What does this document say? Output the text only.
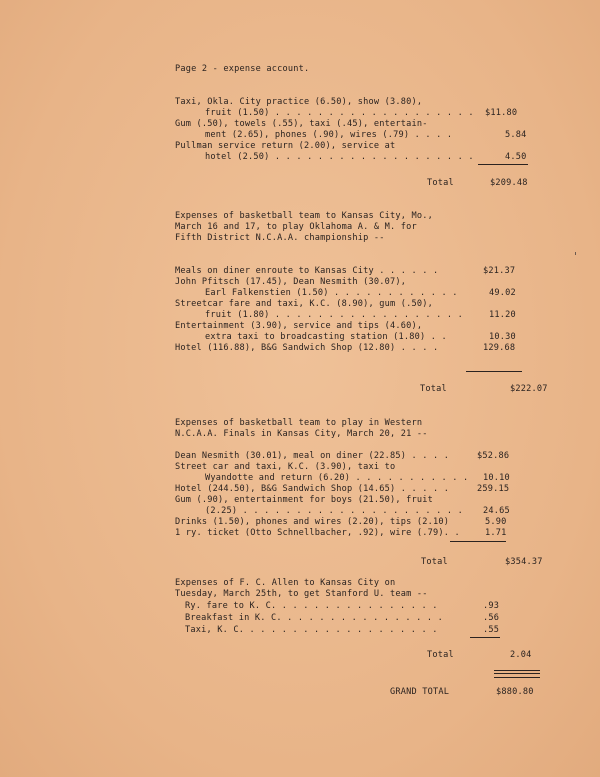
Page 2 - expense account.
Taxi, Okla. City practice (6.50), show (3.80),
fruit (1.50) . . . . . . . . . . . . . . . . . . . $11.80
Gum (.50), towels (.55), taxi (.45), entertain-
ment (2.65), phones (.90), wires (.79) . . . .	5.84
Pullman service return (2.00), service at
hotel (2.50) . . . . . . . . . . . . . . . . . . .	4.50
Total	$209.48
Expenses of basketball team to Kansas City, Mo.,
March 16 and 17, to play Oklahoma A. & M. for
Fifth District N.C.A.A. championship --
Meals on diner enroute to Kansas City . . . . . .	$21.37
John Pfitsch (17.45), Dean Nesmith (30.07),
Earl Falkenstien (1.50) . . . . . . . . . . . .	49.02
Streetcar fare and taxi, K.C. (8.90), gum (.50),
fruit (1.80) . . . . . . . . . . . . . . . . . .	11.20
Entertainment (3.90), service and tips (4.60),
extra taxi to broadcasting station (1.80) . .	10.30
Hotel (116.88), B&G Sandwich Shop (12.80) . . . .	129.68
Total	$222.07
Expenses of basketball team to play in Western
N.C.A.A. Finals in Kansas City, March 20, 21 --
Dean Nesmith (30.01), meal on diner (22.85) . . . .	$52.86
Street car and taxi, K.C. (3.90), taxi to
Wyandotte and return (6.20) . . . . . . . . . . . 10.10
Hotel (244.50), B&G Sandwich Shop (14.65) . . . . .	259.15
Gum (.90), entertainment for boys (21.50), fruit
(2.25) . . . . . . . . . . . . . . . . . . . . . 24.65
Drinks (1.50), phones and wires (2.20), tips (2.10)	5.90
1 ry. ticket (Otto Schnellbacher, .92), wire (.79). .	1.71
Total	$354.37
Expenses of F. C. Allen to Kansas City on
Tuesday, March 25th, to get Stanford U. team --
Ry. fare to K. C. . . . . . . . . . . . . . . .	.93
Breakfast in K. C. . . . . . . . . . . . . . . .	.56
Taxi, K. C. . . . . . . . . . . . . . . . . . .	.55
Total	2.04
GRAND TOTAL	$880.80
